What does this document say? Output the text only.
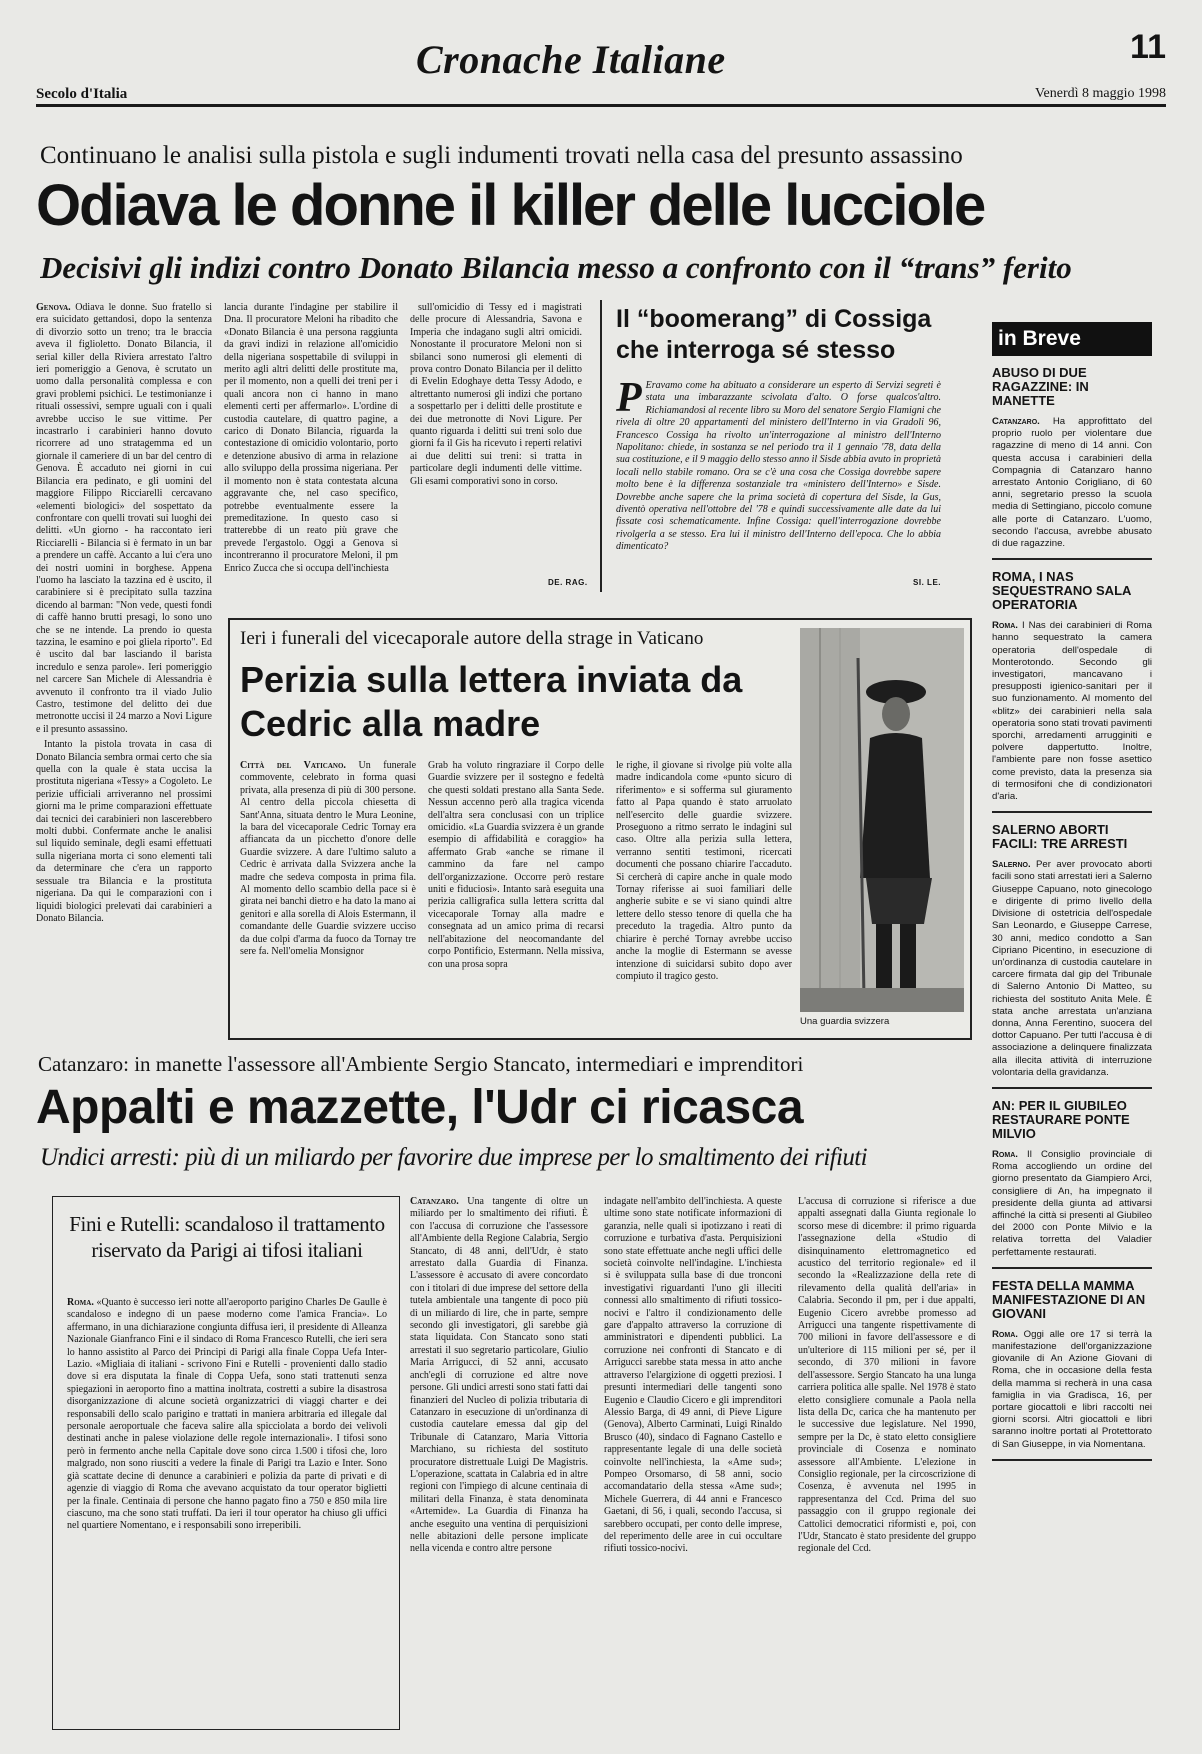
Cronache Italiane	11
Secolo d'Italia	Venerdì 8 maggio 1998
Continuano le analisi sulla pistola e sugli indumenti trovati nella casa del presunto assassino
Odiava le donne il killer delle lucciole
Decisivi gli indizi contro Donato Bilancia messo a confronto con il “trans” ferito

Genova. Odiava le donne. Suo fratello si era suicidato gettandosi, dopo la sentenza di divorzio sotto un treno; tra le braccia aveva il figlioletto. Donato Bilancia, il serial killer della Riviera arrestato l'altro ieri pomeriggio a Genova, è scrutato un uomo dalla personalità complessa e con gravi problemi psichici. Le testimonianze i rituali ossessivi, sempre uguali con i quali avrebbe ucciso le sue vittime. Per incastrarlo i carabinieri hanno dovuto ricorrere ad uno stratagemma ed un giornale il cameriere di un bar del centro di Genova. È accaduto nei giorni in cui Bilancia era pedinato, e gli uomini del maggiore Filippo Ricciarelli cercavano «elementi biologici» del sospettato da confrontare con quelli trovati sui luoghi dei delitti. «Un giorno - ha raccontato ieri Ricciarelli - Bilancia si è fermato in un bar a prendere un caffè. Accanto a lui c'era uno dei nostri uomini in borghese. Appena l'uomo ha lasciato la tazzina ed è uscito, il carabiniere si è precipitato sulla tazzina dicendo al barman: "Non vede, questi fondi di caffè hanno brutti presagi, lo sono uno che se ne intende. La prendo io questa tazzina, le esamino e poi gliela riporto". Ed è uscito dal bar lasciando il barista incredulo e senza parole». Ieri pomeriggio nel carcere San Michele di Alessandria è avvenuto il confronto tra il viado Julio Castro, testimone del delitto dei due metronotte uccisi il 24 marzo a Novi Ligure e il presunto assassino.

Intanto la pistola trovata in casa di Donato Bilancia sembra ormai certo che sia quella con la quale è stata uccisa la prostituta nigeriana «Tessy» a Cogoleto. Le perizie ufficiali arriveranno nel prossimi giorni ma le prime comparazioni effettuate dai tecnici dei carabinieri non lascerebbero molti dubbi. Confermate anche le analisi sul liquido seminale, degli esami effettuati sulla nigeriana morta ci sono elementi tali da determinare che c'era un rapporto sessuale tra Bilancia e la prostituta nigeriana. Da qui le comparazioni con i liquidi biologici prelevati dai carabinieri a Donato Bilancia.

lancia durante l'indagine per stabilire il Dna. Il procuratore Meloni ha ribadito che «Donato Bilancia è una persona raggiunta da gravi indizi in relazione all'omicidio della nigeriana sospettabile di sviluppi in merito agli altri delitti delle prostitute ma, per il momento, non a quelli dei treni per i quali ancora non ci hanno in mano elementi certi per affermarlo». L'ordine di custodia cautelare, di quattro pagine, a carico di Donato Bilancia, riguarda la contestazione di omicidio volontario, porto e detenzione abusivo di arma in relazione allo sviluppo della prossima nigeriana. Per il momento non è stata contestata alcuna aggravante che, nel caso specifico, potrebbe eventualmente essere la premeditazione. In questo caso si tratterebbe di un reato più grave che prevede l'ergastolo. Oggi a Genova si incontreranno il procuratore Meloni, il pm Enrico Zucca che si occupa dell'inchiesta

sull'omicidio di Tessy ed i magistrati delle procure di Alessandria, Savona e Imperia che indagano sugli altri omicidi. Nonostante il procuratore Meloni non si sbilanci sono numerosi gli elementi di prova contro Donato Bilancia per il delitto di Evelin Edoghaye detta Tessy Adodo, e altrettanto numerosi gli indizi che portano a sospettarlo per i delitti delle prostitute e dei due metronotte di Novi Ligure. Per quanto riguarda i delitti sui treni solo due giorni fa il Gis ha ricevuto i reperti relativi ai due delitti sui treni: si tratta in particolare degli indumenti delle vittime. Gli esami comporativi sono in corso.

DE. RAG.
Il “boomerang” di Cossiga che interroga sé stesso
P Eravamo come ha abituato a considerare un esperto di Servizi segreti è stata una imbarazzante scivolata d'alto. O forse qualcos'altro. Richiamandosi al recente libro su Moro del senatore Sergio Flamigni che rivela di oltre 20 appartamenti del ministero dell'Interno in via Gradoli 96, Francesco Cossiga ha rivolto un'interrogazione al ministro dell'Interno Napolitano: chiede, in sostanza se nel periodo tra il 1 gennaio '78, data della sua costituzione, e il 9 maggio dello stesso anno il Sisde abbia avuto in proprietà locali nello stabile romano. Ora se c'è una cosa che Cossiga dovrebbe sapere molto bene è la differenza sostanziale tra «ministero dell'Interno» e Sisde. Dovrebbe anche sapere che la prima società di copertura del Sisde, la Gus, diventò operativa nell'ottobre del '78 e quindi successivamente alle date da lui fissate così schematicamente. Infine Cossiga: quell'interrogazione dovrebbe rivolgerla a se stesso. Era lui il ministro dell'Interno dell'epoca. Che lo abbia dimenticato?
SI. LE.
in Breve
ABUSO DI DUE RAGAZZINE: IN MANETTE

Catanzaro. Ha approfittato del proprio ruolo per violentare due ragazzine di meno di 14 anni. Con questa accusa i carabinieri della Compagnia di Catanzaro hanno arrestato Antonio Corigliano, di 60 anni, segretario presso la scuola media di Settingiano, piccolo comune alle porte di Catanzaro. L'uomo, secondo l'accusa, avrebbe abusato di due ragazzine.

ROMA, I NAS SEQUESTRANO SALA OPERATORIA

Roma. I Nas dei carabinieri di Roma hanno sequestrato la camera operatoria dell'ospedale di Monterotondo. Secondo gli investigatori, mancavano i presupposti igienico-sanitari per il suo funzionamento. Al momento del «blitz» dei carabinieri nella sala operatoria sono stati trovati pavimenti sporchi, arredamenti arrugginiti e polvere dappertutto. Inoltre, l'ambiente pare non fosse asettico come previsto, data la presenza sia di termosifoni che di condizionatori d'aria.

SALERNO ABORTI FACILI: TRE ARRESTI

Salerno. Per aver provocato aborti facili sono stati arrestati ieri a Salerno Giuseppe Capuano, noto ginecologo e dirigente di primo livello della Divisione di ostetricia dell'ospedale San Leonardo, e Giuseppe Carrese, 30 anni, medico condotto a San Cipriano Picentino, in esecuzione di un'ordinanza di custodia cautelare in carcere firmata dal gip del Tribunale di Salerno Antonio Di Matteo, su richiesta del sostituto Anita Mele. È stata anche arrestata un'anziana donna, Anna Ferentino, suocera del dottor Capuano. Per tutti l'accusa è di associazione a delinquere finalizzata alla illecita attività di interruzione volontaria della gravidanza.

AN: PER IL GIUBILEO RESTAURARE PONTE MILVIO

Roma. Il Consiglio provinciale di Roma accogliendo un ordine del giorno presentato da Giampiero Arci, consigliere di An, ha impegnato il presidente della giunta ad attivarsi affinché la città si presenti al Giubileo del 2000 con Ponte Milvio e la relativa torretta del Valadier perfettamente restaurati.

FESTA DELLA MAMMA MANIFESTAZIONE DI AN GIOVANI

Roma. Oggi alle ore 17 si terrà la manifestazione dell'organizzazione giovanile di An Azione Giovani di Roma, che in occasione della festa della mamma si recherà in una casa famiglia in via Gradisca, 16, per portare giocattoli e libri raccolti nei giorni scorsi. Altri giocattoli e libri saranno inoltre portati al Protettorato di San Giuseppe, in via Nomentana.

Ieri i funerali del vicecaporale autore della strage in Vaticano
Perizia sulla lettera inviata da Cedric alla madre
Città del Vaticano. Un funerale commovente, celebrato in forma quasi privata, alla presenza di più di 300 persone. Al centro della piccola chiesetta di Sant'Anna, situata dentro le Mura Leonine, la bara del vicecaporale Cedric Tornay era affiancata da un picchetto d'onore delle Guardie svizzere. A dare l'ultimo saluto a Cedric è arrivata dalla Svizzera anche la madre che sedeva composta in prima fila. Al momento dello scambio della pace si è girata nei banchi dietro e ha dato la mano ai genitori e alla sorella di Alois Estermann, il comandante delle Guardie svizzere ucciso da due colpi d'arma da fuoco da Tornay tre sere fa. Nell'omelia Monsignor
Grab ha voluto ringraziare il Corpo delle Guardie svizzere per il sostegno e fedeltà che questi soldati prestano alla Santa Sede. Nessun accenno però alla tragica vicenda dell'altra sera conclusasi con un triplice omicidio. «La Guardia svizzera è un grande esempio di affidabilità e coraggio» ha affermato Grab «anche se rimane il cammino da fare nel campo dell'organizzazione. Occorre però restare uniti e fiduciosi». Intanto sarà eseguita una perizia calligrafica sulla lettera scritta dal vicecaporale Tornay alla madre e consegnata ad un amico prima di recarsi nell'abitazione del neocomandante del corpo Pontificio, Estermann. Nella missiva, con una prosa sopra
le righe, il giovane si rivolge più volte alla madre indicandola come «punto sicuro di riferimento» e si sofferma sul giuramento fatto al Papa quando è stato arruolato nell'esercito delle guardie svizzere. Proseguono a ritmo serrato le indagini sul caso. Oltre alla perizia sulla lettera, verranno sentiti testimoni, ricercati documenti che possano chiarire l'accaduto. Si cercherà di capire anche in quale modo Tornay riferisse ai suoi familiari delle angherie subite e se vi siano quindi altre lettere dello stesso tenore di quella che ha preceduto la tragedia. Altro punto da chiarire è perché Tornay avrebbe ucciso anche la moglie di Estermann se avesse intenzione di suicidarsi subito dopo aver compiuto il tragico gesto.
Una guardia svizzera
Catanzaro: in manette l'assessore all'Ambiente Sergio Stancato, intermediari e imprenditori
Appalti e mazzette, l'Udr ci ricasca
Undici arresti: più di un miliardo per favorire due imprese per lo smaltimento dei rifiuti
Fini e Rutelli: scandaloso il trattamento riservato da Parigi ai tifosi italiani
Roma. «Quanto è successo ieri notte all'aeroporto parigino Charles De Gaulle è scandaloso e indegno di un paese moderno come l'amica Francia». Lo affermano, in una dichiarazione congiunta diffusa ieri, il presidente di Alleanza Nazionale Gianfranco Fini e il sindaco di Roma Francesco Rutelli, che ieri sera lo hanno assistito al Parco dei Principi di Parigi alla finale Coppa Uefa Inter-Lazio. «Migliaia di italiani - scrivono Fini e Rutelli - provenienti dallo stadio dove si era disputata la finale di Coppa Uefa, sono stati trattenuti senza spiegazioni in aeroporto fino a mattina inoltrata, costretti a subire la disastrosa disorganizzazione di alcune società organizzatrici di viaggi charter e dei responsabili dello scalo parigino e trattati in maniera arbitraria ed illegale dal personale aeroportuale che faceva salire alla spicciolata a bordo dei velivoli destinati anche in palese violazione delle regole internazionali». I tifosi sono però in fermento anche nella Capitale dove sono circa 1.500 i tifosi che, loro malgrado, non sono riusciti a vedere la finale di Parigi tra Lazio e Inter. Sono già scattate decine di denunce a carabinieri e polizia da parte di privati e di agenzie di viaggio di Roma che avevano acquistato da tour operator biglietti per la finale. Centinaia di persone che hanno pagato fino a 750 e 850 mila lire ciascuno, ma che sono stati truffati. Da ieri il tour operator ha chiuso gli uffici nel quartiere Nomentano, e i responsabili sono irreperibili.
Catanzaro. Una tangente di oltre un miliardo per lo smaltimento dei rifiuti. È con l'accusa di corruzione che l'assessore all'Ambiente della Regione Calabria, Sergio Stancato, di 48 anni, dell'Udr, è stato arrestato dalla Guardia di Finanza. L'assessore è accusato di avere concordato con i titolari di due imprese del settore della tutela ambientale una tangente di poco più di un miliardo di lire, che in parte, sempre secondo gli investigatori, gli sarebbe già stata liquidata. Con Stancato sono stati arrestati il suo segretario particolare, Giulio Maria Arrigucci, di 52 anni, accusato anch'egli di corruzione ed altre nove persone. Gli undici arresti sono stati fatti dai finanzieri del Nucleo di polizia tributaria di Catanzaro in esecuzione di un'ordinanza di custodia cautelare emessa dal gip del Tribunale di Catanzaro, Maria Vittoria Marchiano, su richiesta del sostituto procuratore distrettuale Luigi De Magistris. L'operazione, scattata in Calabria ed in altre regioni con l'impiego di alcune centinaia di militari della Finanza, è stata denominata «Artemide». La Guardia di Finanza ha anche eseguito una ventina di perquisizioni nelle abitazioni delle persone implicate nella vicenda e contro altre persone
indagate nell'ambito dell'inchiesta. A queste ultime sono state notificate informazioni di garanzia, nelle quali si ipotizzano i reati di corruzione e turbativa d'asta. Perquisizioni sono state effettuate anche negli uffici delle società coinvolte nell'indagine. L'inchiesta si è sviluppata sulla base di due tronconi investigativi riguardanti l'uno gli illeciti connessi allo smaltimento di rifiuti tossico-nocivi e l'altro il condizionamento delle gare d'appalto attraverso la corruzione di amministratori e dipendenti pubblici. La corruzione nei confronti di Stancato e di Arrigucci sarebbe stata messa in atto anche attraverso l'elargizione di oggetti preziosi. I presunti intermediari delle tangenti sono Eugenio e Claudio Cicero e gli imprenditori Alessio Barga, di 49 anni, di Pieve Ligure (Genova), Alberto Carminati, Luigi Rinaldo Brusco (40), sindaco di Fagnano Castello e rappresentante legale di una delle società coinvolte nell'inchiesta, la «Ame sud»; Pompeo Orsomarso, di 58 anni, socio accomandatario della stessa «Ame sud»; Michele Guerrera, di 44 anni e Francesco Gaetani, di 56, i quali, secondo l'accusa, si sarebbero occupati, per conto delle imprese, del reperimento delle aree in cui occultare rifiuti tossico-nocivi.
L'accusa di corruzione si riferisce a due appalti assegnati dalla Giunta regionale lo scorso mese di dicembre: il primo riguarda l'assegnazione della «Studio di disinquinamento elettromagnetico ed acustico del territorio regionale» ed il secondo la «Realizzazione della rete di rilevamento della qualità dell'aria» in Calabria. Secondo il pm, per i due appalti, Eugenio Cicero avrebbe promesso ad Arrigucci una tangente rispettivamente di 700 milioni in favore dell'assessore e di un'ulteriore di 115 milioni per sé, per il secondo, di 370 milioni in favore dell'assessore. Sergio Stancato ha una lunga carriera politica alle spalle. Nel 1978 è stato eletto consigliere comunale a Paola nella lista della Dc, carica che ha mantenuto per le successive due legislature. Nel 1990, sempre per la Dc, è stato eletto consigliere provinciale di Cosenza e nominato assessore all'Ambiente. L'elezione in Consiglio regionale, per la circoscrizione di Cosenza, è avvenuta nel 1995 in rappresentanza del Ccd. Prima del suo passaggio con il gruppo regionale dei Cattolici democratici riformisti e, poi, con l'Udr, Stancato è stato presidente del gruppo regionale del Ccd.
